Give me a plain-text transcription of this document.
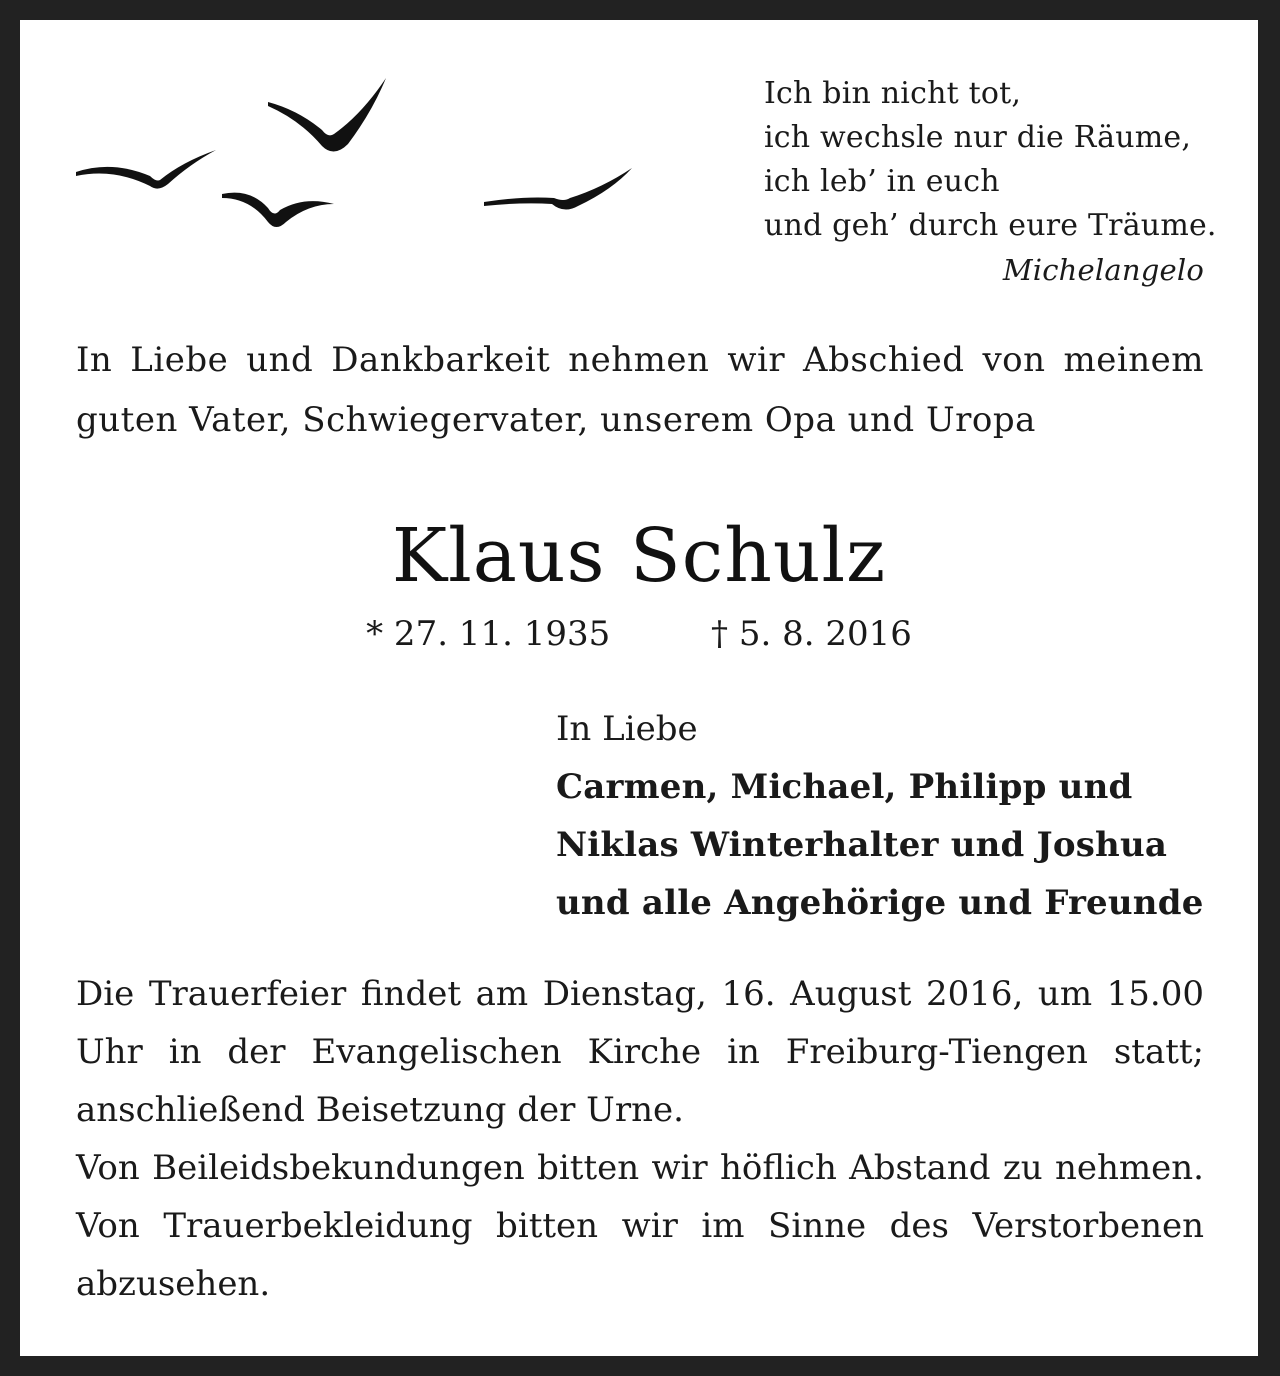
Ich bin nicht tot,
ich wechsle nur die Räume,
ich leb’ in euch
und geh’ durch eure Träume.
Michelangelo
In Liebe und Dankbarkeit nehmen wir Abschied von meinem guten Vater, Schwiegervater, unserem Opa und Uropa
Klaus Schulz
* 27. 11. 1935	† 5. 8. 2016
In Liebe
Carmen, Michael, Philipp und
Niklas Winterhalter und Joshua
und alle Angehörige und Freunde

Die Trauerfeier findet am Dienstag, 16. August 2016, um 15.00 Uhr in der Evangelischen Kirche in Freiburg-Tiengen statt; anschließend Beisetzung der Urne.

Von Beileidsbekundungen bitten wir höflich Abstand zu nehmen. Von Trauerbekleidung bitten wir im Sinne des Verstorbenen abzusehen.
